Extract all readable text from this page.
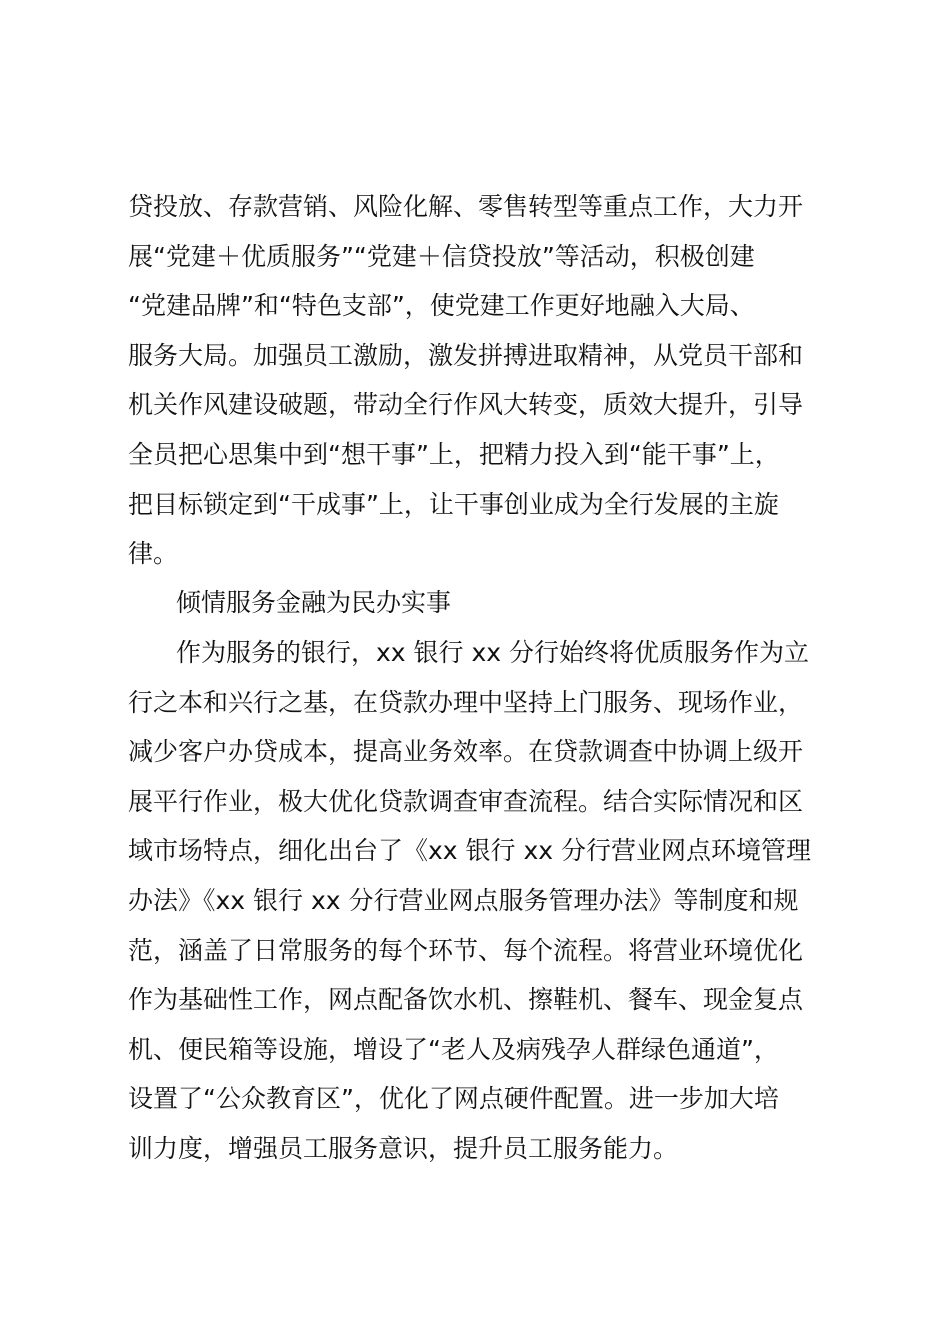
贷投放、存款营销、风险化解、零售转型等重点工作，大力开

展“党建＋优质服务”“党建＋信贷投放”等活动，积极创建

“党建品牌”和“特色支部”，使党建工作更好地融入大局、

服务大局。加强员工激励，激发拼搏进取精神，从党员干部和

机关作风建设破题，带动全行作风大转变，质效大提升，引导

全员把心思集中到“想干事”上，把精力投入到“能干事”上，

把目标锁定到“干成事”上，让干事创业成为全行发展的主旋

律。

倾情服务金融为民办实事

作为服务的银行，xx 银行 xx 分行始终将优质服务作为立

行之本和兴行之基，在贷款办理中坚持上门服务、现场作业，

减少客户办贷成本，提高业务效率。在贷款调查中协调上级开

展平行作业，极大优化贷款调查审查流程。结合实际情况和区

域市场特点，细化出台了《xx 银行 xx 分行营业网点环境管理

办法》《xx 银行 xx 分行营业网点服务管理办法》等制度和规

范，涵盖了日常服务的每个环节、每个流程。将营业环境优化

作为基础性工作，网点配备饮水机、擦鞋机、餐车、现金复点

机、便民箱等设施，增设了“老人及病残孕人群绿色通道”，

设置了“公众教育区”，优化了网点硬件配置。进一步加大培

训力度，增强员工服务意识，提升员工服务能力。
